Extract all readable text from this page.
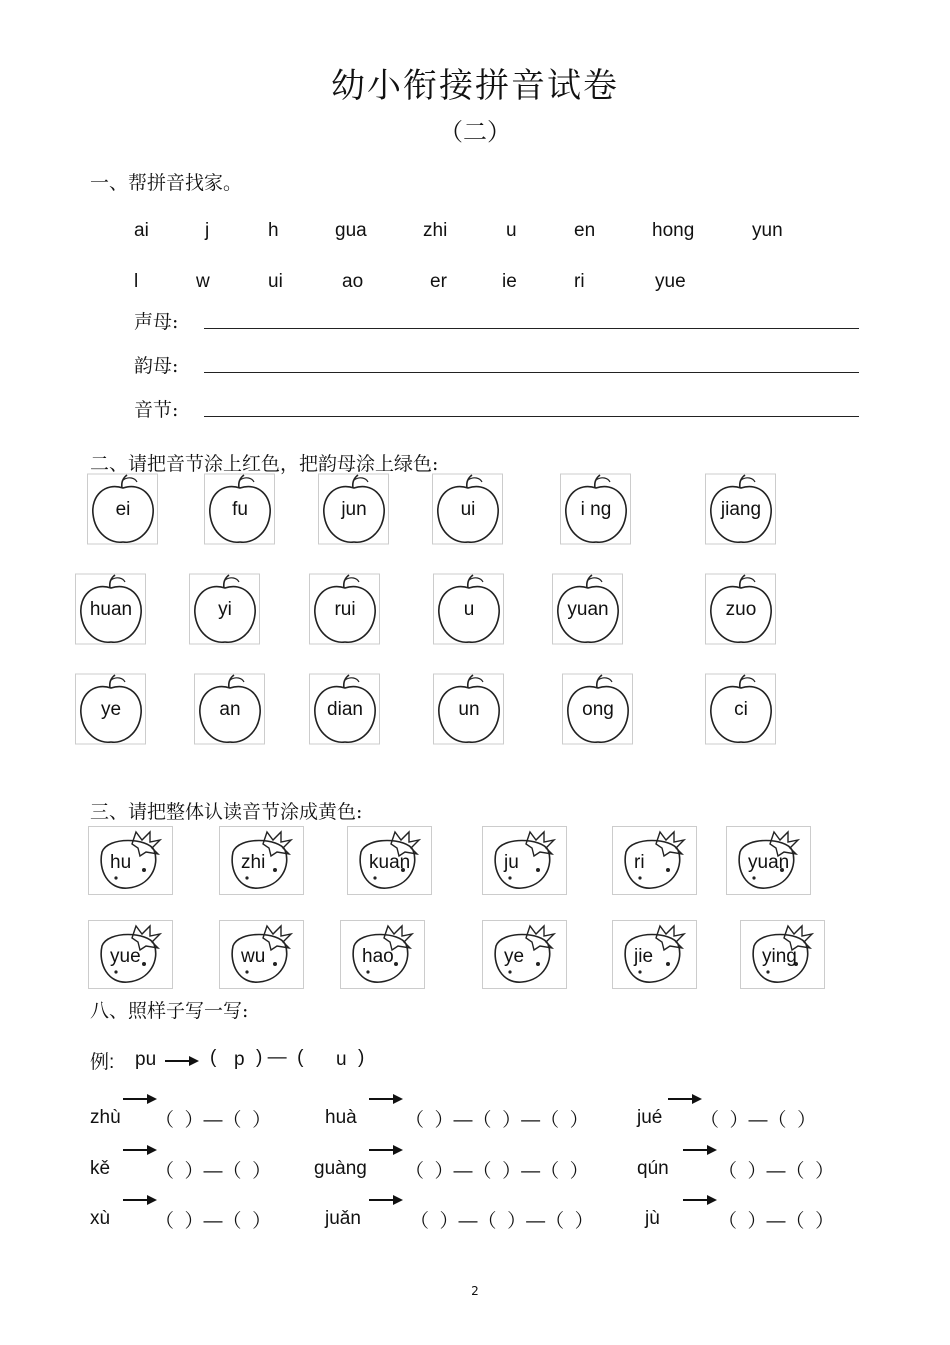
幼小衔接拼音试卷
（二）
一、帮拼音找家。
ai	j	h	gua	zhi	u	en	hong	yun
l	w	ui	ao	er	ie	ri	yue
声母:
韵母:
音节:
二、请把音节涂上红色，把韵母涂上绿色:
ei	fu	jun	ui	i ng	jiang
huan	yi	rui	u	yuan	zuo
ye	an	dian	un	ong	ci
三、请把整体认读音节涂成黄色:
hu	zhi	kuan	ju	ri	yuan
yue	wu	hao	ye	jie	ying
八、照样子写一写:
例: pu	( p ) —  ( u )
zhù （  ）—（  ）	huà	（  ）—（  ）—（  ）	jué （  ）—（  ）
kě （  ）—（  ） guàng （  ）—（  ）—（  ）	qún	（  ）—（  ）
xù （  ）—（  ）	juǎn	（  ）—（  ）—（  ）	jù	（  ）—（  ）
2
